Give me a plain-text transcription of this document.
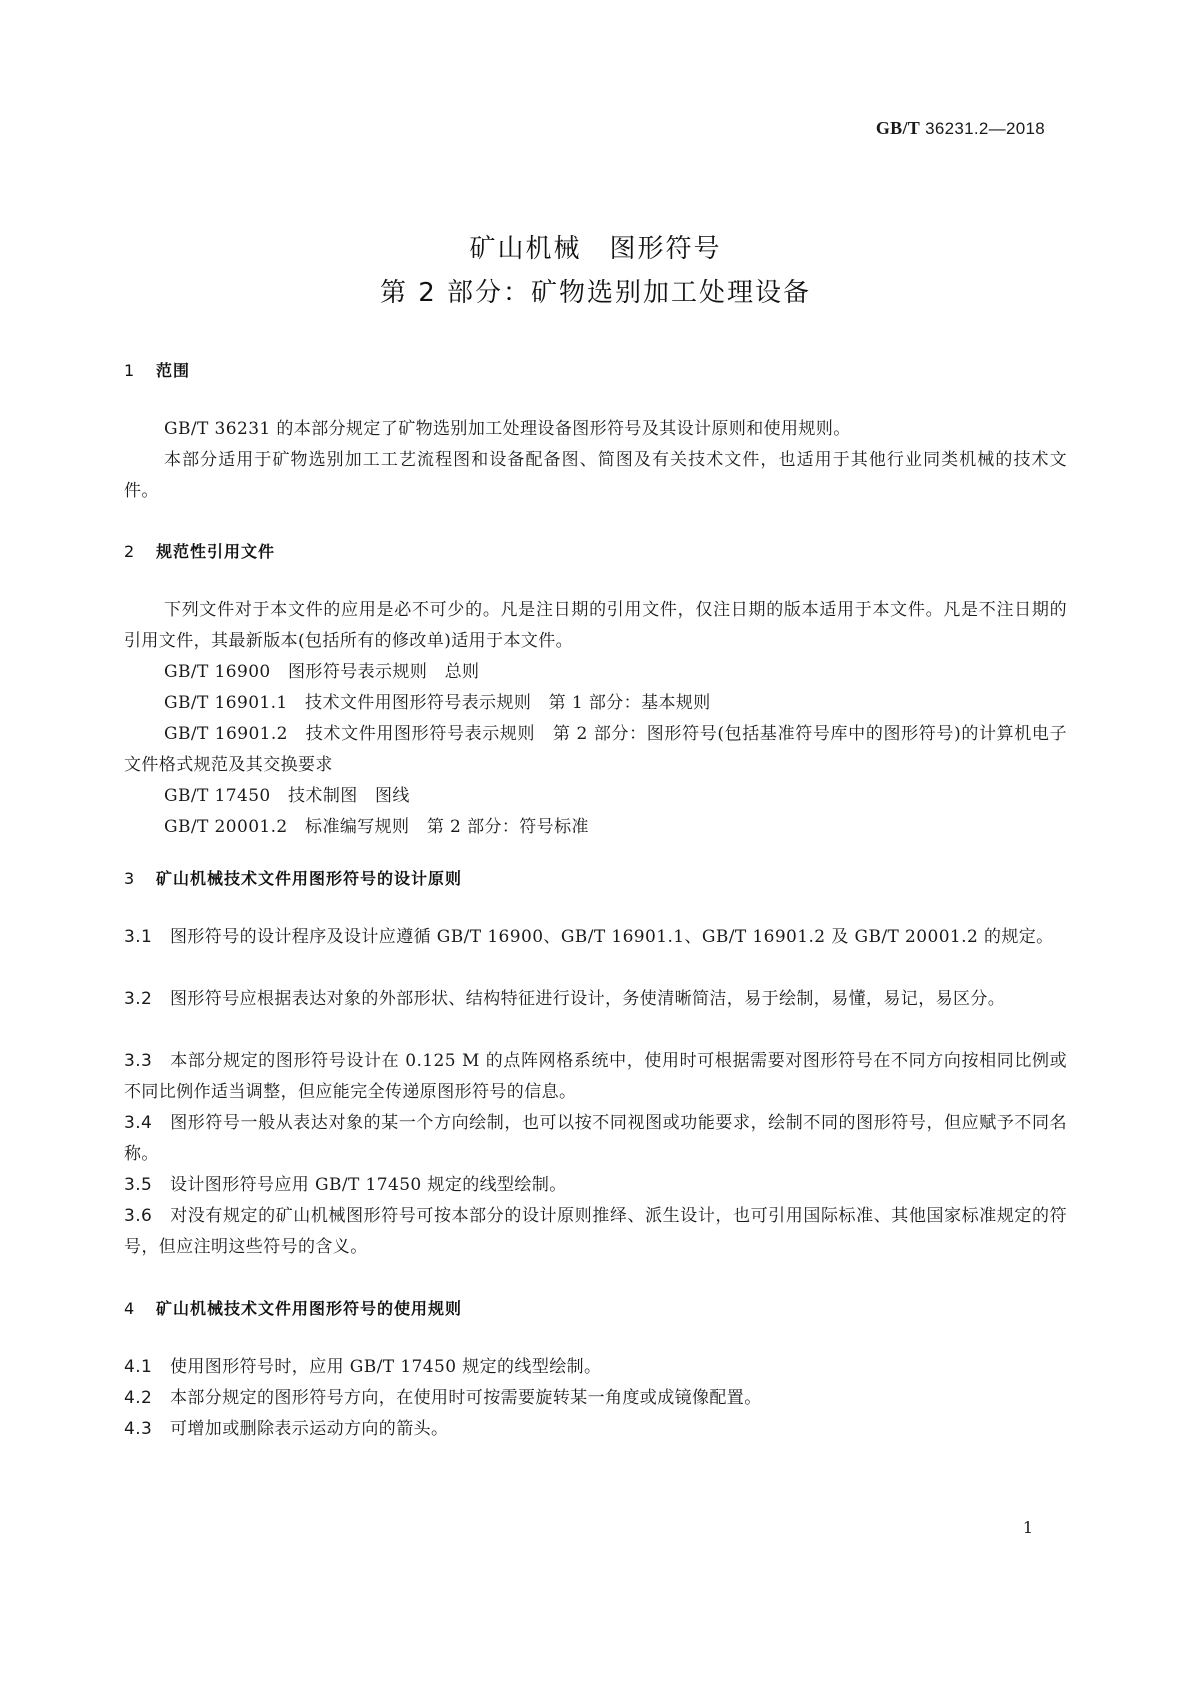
GB/T 36231.2—2018
矿山机械　图形符号
第 2 部分：矿物选别加工处理设备
1 范围
GB/T 36231 的本部分规定了矿物选别加工处理设备图形符号及其设计原则和使用规则。
本部分适用于矿物选别加工工艺流程图和设备配备图、简图及有关技术文件，也适用于其他行业同类机械的技术文件。
2 规范性引用文件
下列文件对于本文件的应用是必不可少的。凡是注日期的引用文件，仅注日期的版本适用于本文件。凡是不注日期的引用文件，其最新版本(包括所有的修改单)适用于本文件。
GB/T 16900　图形符号表示规则　总则
GB/T 16901.1　技术文件用图形符号表示规则　第 1 部分：基本规则
GB/T 16901.2　技术文件用图形符号表示规则　第 2 部分：图形符号(包括基准符号库中的图形符号)的计算机电子文件格式规范及其交换要求
GB/T 17450　技术制图　图线
GB/T 20001.2　标准编写规则　第 2 部分：符号标准
3 矿山机械技术文件用图形符号的设计原则
3.1 图形符号的设计程序及设计应遵循 GB/T 16900、GB/T 16901.1、GB/T 16901.2 及 GB/T 20001.2 的规定。
3.2 图形符号应根据表达对象的外部形状、结构特征进行设计，务使清晰简洁，易于绘制，易懂，易记，易区分。
3.3 本部分规定的图形符号设计在 0.125 M 的点阵网格系统中，使用时可根据需要对图形符号在不同方向按相同比例或不同比例作适当调整，但应能完全传递原图形符号的信息。
3.4 图形符号一般从表达对象的某一个方向绘制，也可以按不同视图或功能要求，绘制不同的图形符号，但应赋予不同名称。
3.5 设计图形符号应用 GB/T 17450 规定的线型绘制。
3.6 对没有规定的矿山机械图形符号可按本部分的设计原则推绎、派生设计，也可引用国际标准、其他国家标准规定的符号，但应注明这些符号的含义。
4 矿山机械技术文件用图形符号的使用规则
4.1 使用图形符号时，应用 GB/T 17450 规定的线型绘制。
4.2 本部分规定的图形符号方向，在使用时可按需要旋转某一角度或成镜像配置。
4.3 可增加或删除表示运动方向的箭头。
1
